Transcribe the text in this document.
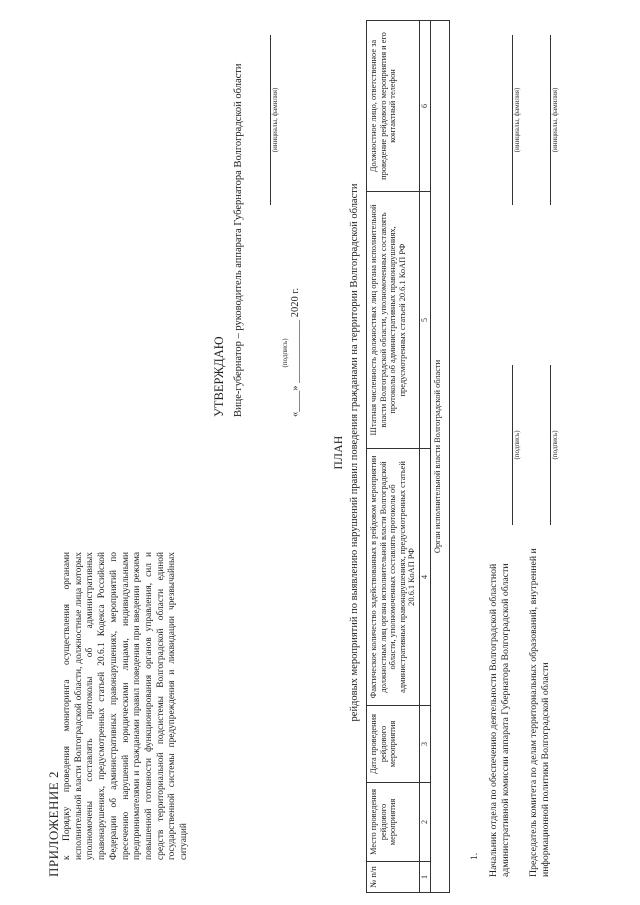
ПРИЛОЖЕНИЕ 2 к Порядку проведения мониторинга осуществления органами исполнительной власти Волгоградской области, должностные лица которых уполномочены составлять протоколы об административных правонарушениях, предусмотренных статьей 20.6.1 Кодекса Российской Федерации об административных правонарушениях, мероприятий по пресечению нарушений юридическими лицами, индивидуальными предпринимателями и гражданами правил поведения при введении режима повышенной готовности функционирования органов управления, сил и средств территориальной подсистемы Волгоградской области единой государственной системы предупреждения и ликвидации чрезвычайных ситуаций
УТВЕРЖДАЮ Вице-губернатор – руководитель аппарата Губернатора Волгоградской области	(инициалы, фамилия)
«____» ____________ 2020 г.
(подпись)
ПЛАН рейдовых мероприятий по выявлению нарушений правил поведения гражданами на территории Волгоградской области
№ п/п	Место проведения рейдового мероприятия	Дата проведения рейдового мероприятия	Фактическое количество задействованных в рейдовом мероприятии должностных лиц органа исполнительной власти Волгоградской области, уполномоченных составлять протоколы об административных правонарушениях, предусмотренных статьей 20.6.1 КоАП РФ	Штатная численность должностных лиц органа исполнительной власти Волгоградской области, уполномоченных составлять протоколы об административных правонарушениях, предусмотренных статьей 20.6.1 КоАП РФ	Должностное лицо, ответственное за проведение рейдового мероприятия и его контактный телефон
1	2	3	4	5	6
Орган исполнительной власти Волгоградской области					
1. Начальник отдела по обеспечению деятельности Волгоградской областной административной комиссии аппарата Губернатора Волгоградской области
(подпись)
(инициалы, фамилия)
Председатель комитета по делам территориальных образований, внутренней и информационной политики Волгоградской области
(подпись)
(инициалы, фамилия)
